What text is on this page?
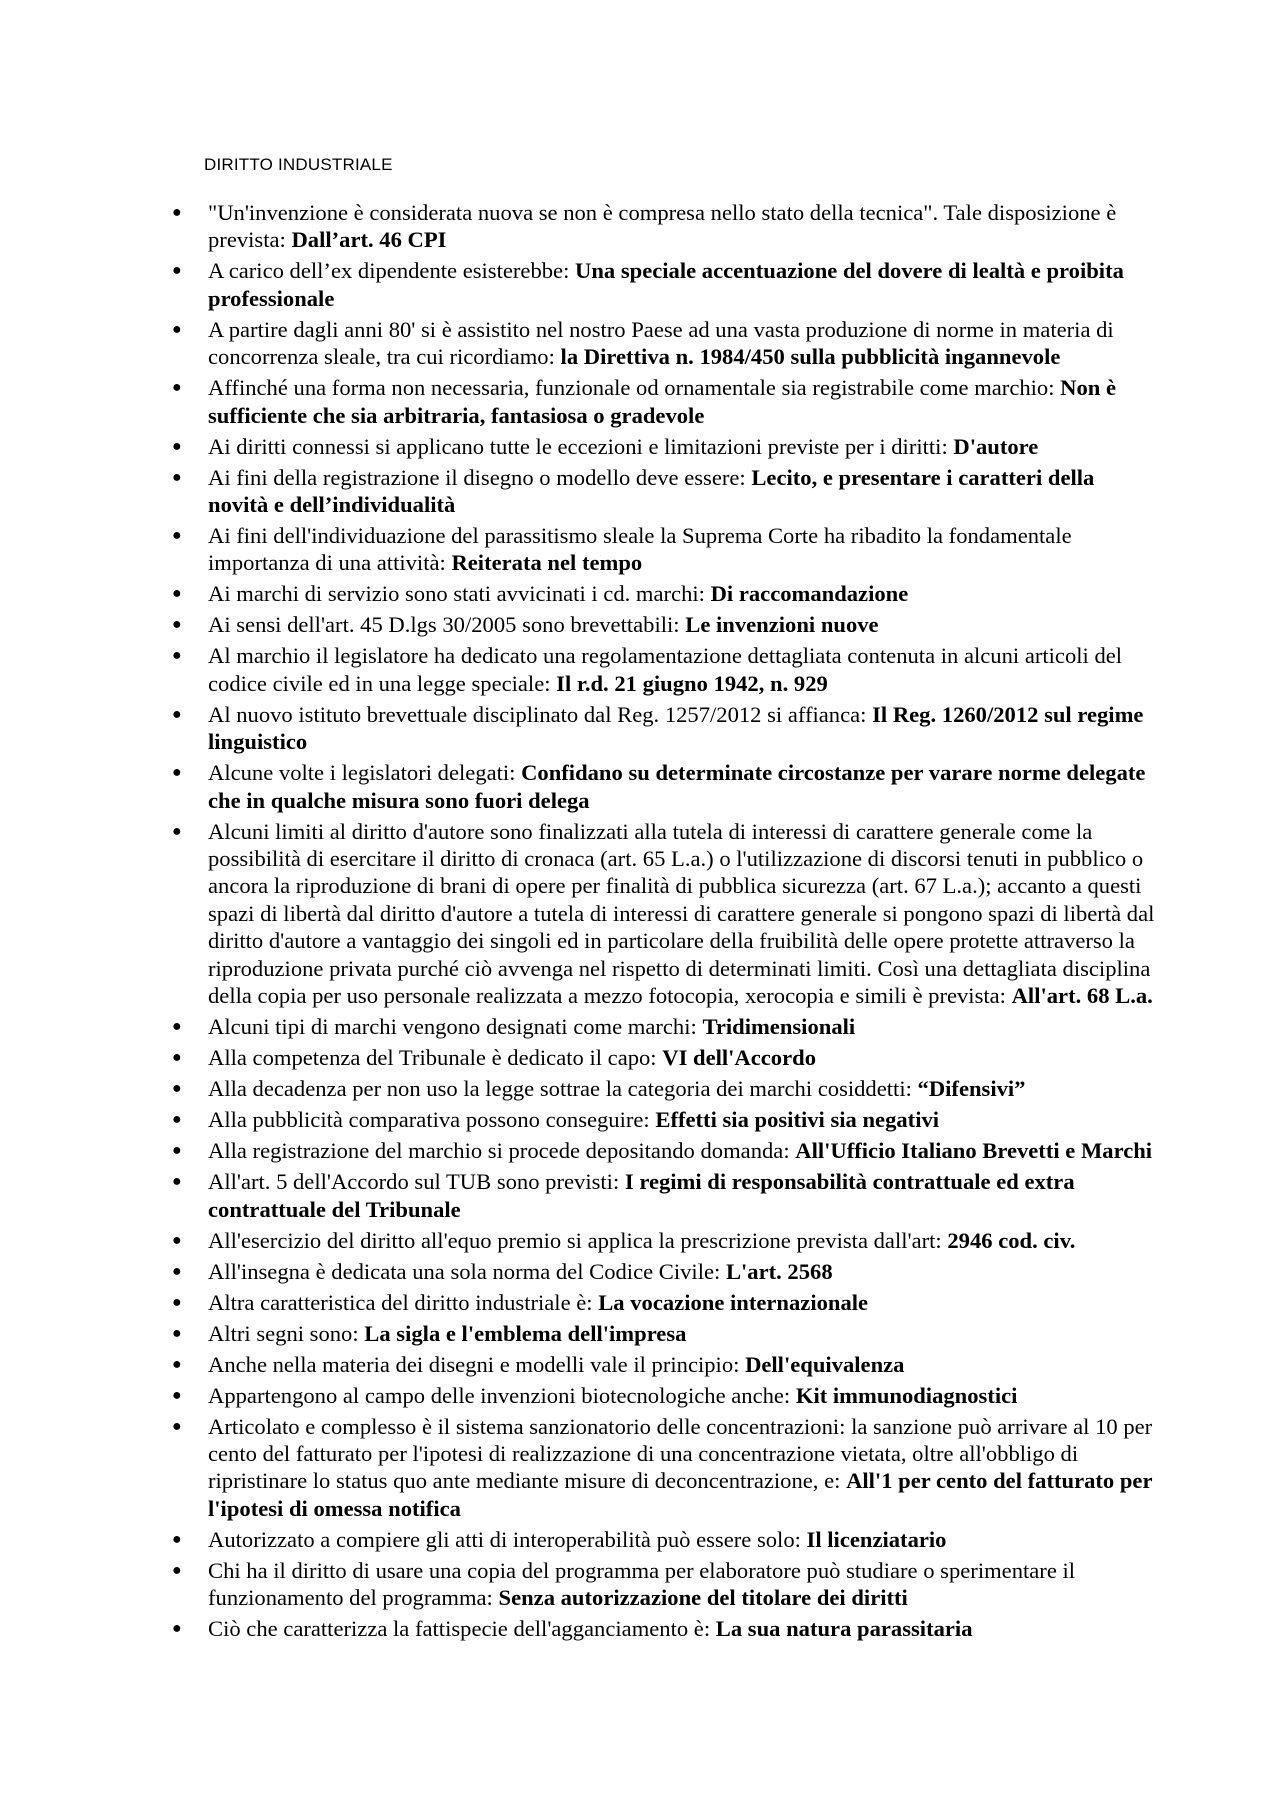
DIRITTO INDUSTRIALE
● "Un'invenzione è considerata nuova se non è compresa nello stato della tecnica". Tale disposizione è prevista: Dall’art. 46 CPI
● A carico dell’ex dipendente esisterebbe: Una speciale accentuazione del dovere di lealtà e proibita professionale
● A partire dagli anni 80' si è assistito nel nostro Paese ad una vasta produzione di norme in materia di concorrenza sleale, tra cui ricordiamo: la Direttiva n. 1984/450 sulla pubblicità ingannevole
● Affinché una forma non necessaria, funzionale od ornamentale sia registrabile come marchio: Non è sufficiente che sia arbitraria, fantasiosa o gradevole
● Ai diritti connessi si applicano tutte le eccezioni e limitazioni previste per i diritti: D'autore
● Ai fini della registrazione il disegno o modello deve essere: Lecito, e presentare i caratteri della novità e dell’individualità
● Ai fini dell'individuazione del parassitismo sleale la Suprema Corte ha ribadito la fondamentale importanza di una attività: Reiterata nel tempo
● Ai marchi di servizio sono stati avvicinati i cd. marchi: Di raccomandazione
● Ai sensi dell'art. 45 D.lgs 30/2005 sono brevettabili: Le invenzioni nuove
● Al marchio il legislatore ha dedicato una regolamentazione dettagliata contenuta in alcuni articoli del codice civile ed in una legge speciale: Il r.d. 21 giugno 1942, n. 929
● Al nuovo istituto brevettuale disciplinato dal Reg. 1257/2012 si affianca: Il Reg. 1260/2012 sul regime linguistico
● Alcune volte i legislatori delegati: Confidano su determinate circostanze per varare norme delegate che in qualche misura sono fuori delega
● Alcuni limiti al diritto d'autore sono finalizzati alla tutela di interessi di carattere generale come la possibilità di esercitare il diritto di cronaca (art. 65 L.a.) o l'utilizzazione di discorsi tenuti in pubblico o ancora la riproduzione di brani di opere per finalità di pubblica sicurezza (art. 67 L.a.); accanto a questi spazi di libertà dal diritto d'autore a tutela di interessi di carattere generale si pongono spazi di libertà dal diritto d'autore a vantaggio dei singoli ed in particolare della fruibilità delle opere protette attraverso la riproduzione privata purché ciò avvenga nel rispetto di determinati limiti. Così una dettagliata disciplina della copia per uso personale realizzata a mezzo fotocopia, xerocopia e simili è prevista: All'art. 68 L.a.
● Alcuni tipi di marchi vengono designati come marchi: Tridimensionali
● Alla competenza del Tribunale è dedicato il capo: VI dell'Accordo
● Alla decadenza per non uso la legge sottrae la categoria dei marchi cosiddetti: “Difensivi”
● Alla pubblicità comparativa possono conseguire: Effetti sia positivi sia negativi
● Alla registrazione del marchio si procede depositando domanda: All'Ufficio Italiano Brevetti e Marchi
● All'art. 5 dell'Accordo sul TUB sono previsti: I regimi di responsabilità contrattuale ed extra contrattuale del Tribunale
● All'esercizio del diritto all'equo premio si applica la prescrizione prevista dall'art: 2946 cod. civ.
● All'insegna è dedicata una sola norma del Codice Civile: L'art. 2568
● Altra caratteristica del diritto industriale è: La vocazione internazionale
● Altri segni sono: La sigla e l'emblema dell'impresa
● Anche nella materia dei disegni e modelli vale il principio: Dell'equivalenza
● Appartengono al campo delle invenzioni biotecnologiche anche: Kit immunodiagnostici
● Articolato e complesso è il sistema sanzionatorio delle concentrazioni: la sanzione può arrivare al 10 per cento del fatturato per l'ipotesi di realizzazione di una concentrazione vietata, oltre all'obbligo di ripristinare lo status quo ante mediante misure di deconcentrazione, e: All'1 per cento del fatturato per l'ipotesi di omessa notifica
● Autorizzato a compiere gli atti di interoperabilità può essere solo: Il licenziatario
● Chi ha il diritto di usare una copia del programma per elaboratore può studiare o sperimentare il funzionamento del programma: Senza autorizzazione del titolare dei diritti
● Ciò che caratterizza la fattispecie dell'agganciamento è: La sua natura parassitaria
